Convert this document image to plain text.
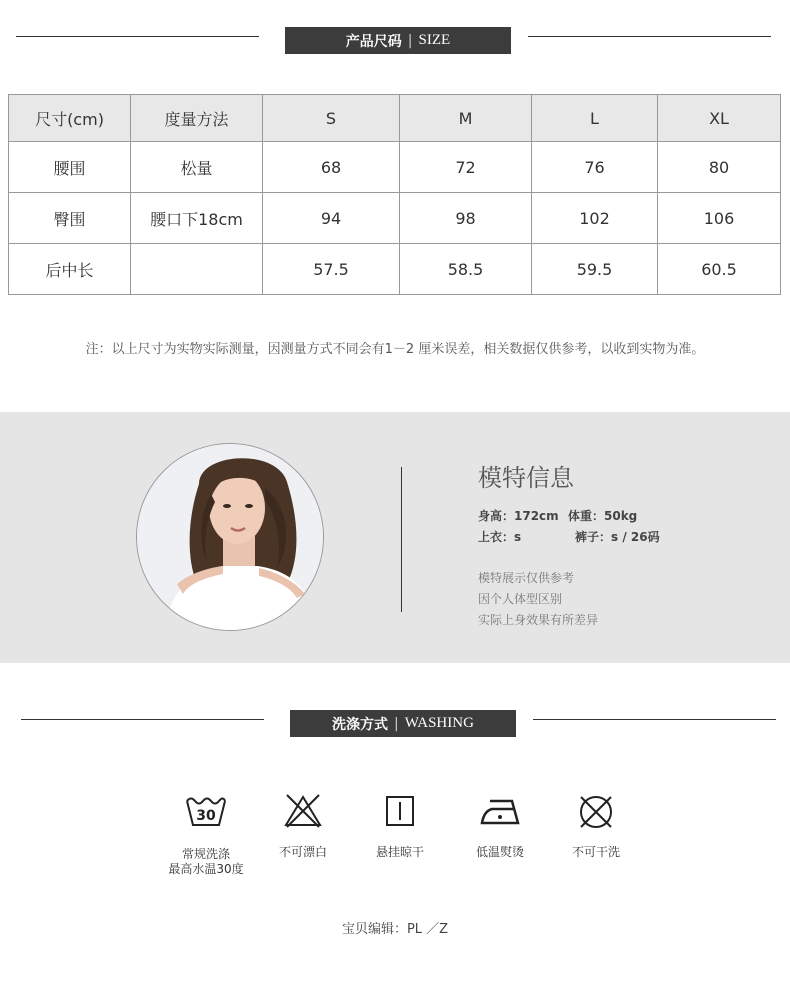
产品尺码 | SIZE
尺寸(cm)	度量方法	S	M	L	XL
腰围	松量	68	72	76	80
臀围	腰口下18cm	94	98	102	106
后中长		57.5	58.5	59.5	60.5
注：以上尺寸为实物实际测量，因测量方式不同会有1－2 厘米误差，相关数据仅供参考，以收到实物为准。
模特信息
身高：172cm 体重：50kg
上衣：s	裤子：s / 26码
模特展示仅供参考
因个人体型区别
实际上身效果有所差异
洗涤方式 | WASHING
30
常规洗涤
最高水温30度
不可漂白	悬挂晾干	低温熨烫	不可干洗
宝贝编辑：PL ／Z
